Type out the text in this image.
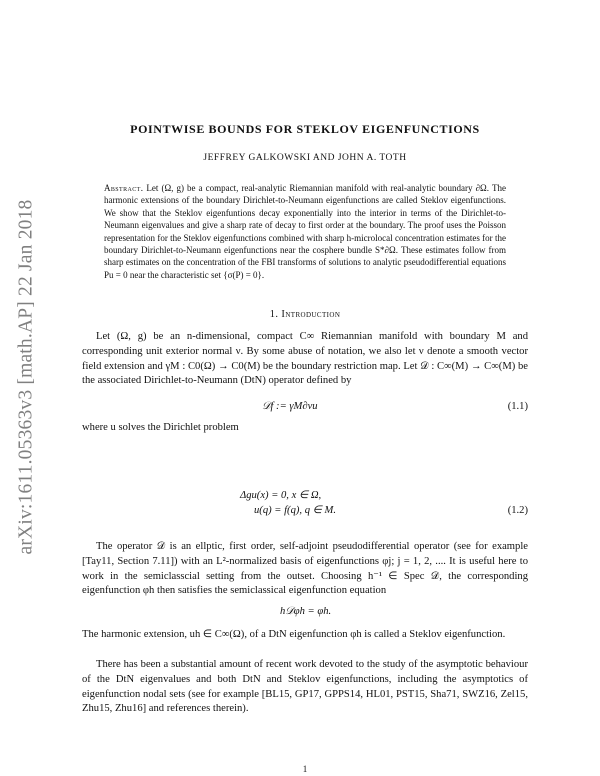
arXiv:1611.05363v3 [math.AP] 22 Jan 2018
POINTWISE BOUNDS FOR STEKLOV EIGENFUNCTIONS
JEFFREY GALKOWSKI AND JOHN A. TOTH
Abstract. Let (Ω, g) be a compact, real-analytic Riemannian manifold with real-analytic boundary ∂Ω. The harmonic extensions of the boundary Dirichlet-to-Neumann eigenfunctions are called Steklov eigenfunctions. We show that the Steklov eigenfuntions decay exponentially into the interior in terms of the Dirichlet-to-Neumann eigenvalues and give a sharp rate of decay to first order at the boundary. The proof uses the Poisson representation for the Steklov eigenfunctions combined with sharp h-microlocal concentration estimates for the boundary Dirichlet-to-Neumann eigenfunctions near the cosphere bundle S*∂Ω. These estimates follow from sharp estimates on the concentration of the FBI transforms of solutions to analytic pseudodifferential equations Pu = 0 near the characteristic set {σ(P) = 0}.
1. Introduction
Let (Ω, g) be an n-dimensional, compact C∞ Riemannian manifold with boundary M and corresponding unit exterior normal ν. By some abuse of notation, we also let ν denote a smooth vector field extension and γM : C0(Ω) → C0(M) be the boundary restriction map. Let 𝒟 : C∞(M) → C∞(M) be the associated Dirichlet-to-Neumann (DtN) operator defined by
𝒟f := γM∂νu	(1.1)
where u solves the Dirichlet problem
Δgu(x) = 0, x ∈ Ω,
u(q) = f(q), q ∈ M.	(1.2)
The operator 𝒟 is an ellptic, first order, self-adjoint pseudodifferential operator (see for example [Tay11, Section 7.11]) with an L²-normalized basis of eigenfunctions φj; j = 1, 2, .... It is useful here to work in the semiclasscial setting from the outset. Choosing h⁻¹ ∈ Spec 𝒟, the corresponding eigenfunction φh then satisfies the semiclassical eigenfunction equation
h𝒟φh = φh.
The harmonic extension, uh ∈ C∞(Ω), of a DtN eigenfunction φh is called a Steklov eigenfunction.
There has been a substantial amount of recent work devoted to the study of the asymptotic behaviour of the DtN eigenvalues and both DtN and Steklov eigenfunctions, including the asymptotics of eigenfunction nodal sets (see for example [BL15, GP17, GPPS14, HL01, PST15, Sha71, SWZ16, Zel15, Zhu15, Zhu16] and references therein).
1
